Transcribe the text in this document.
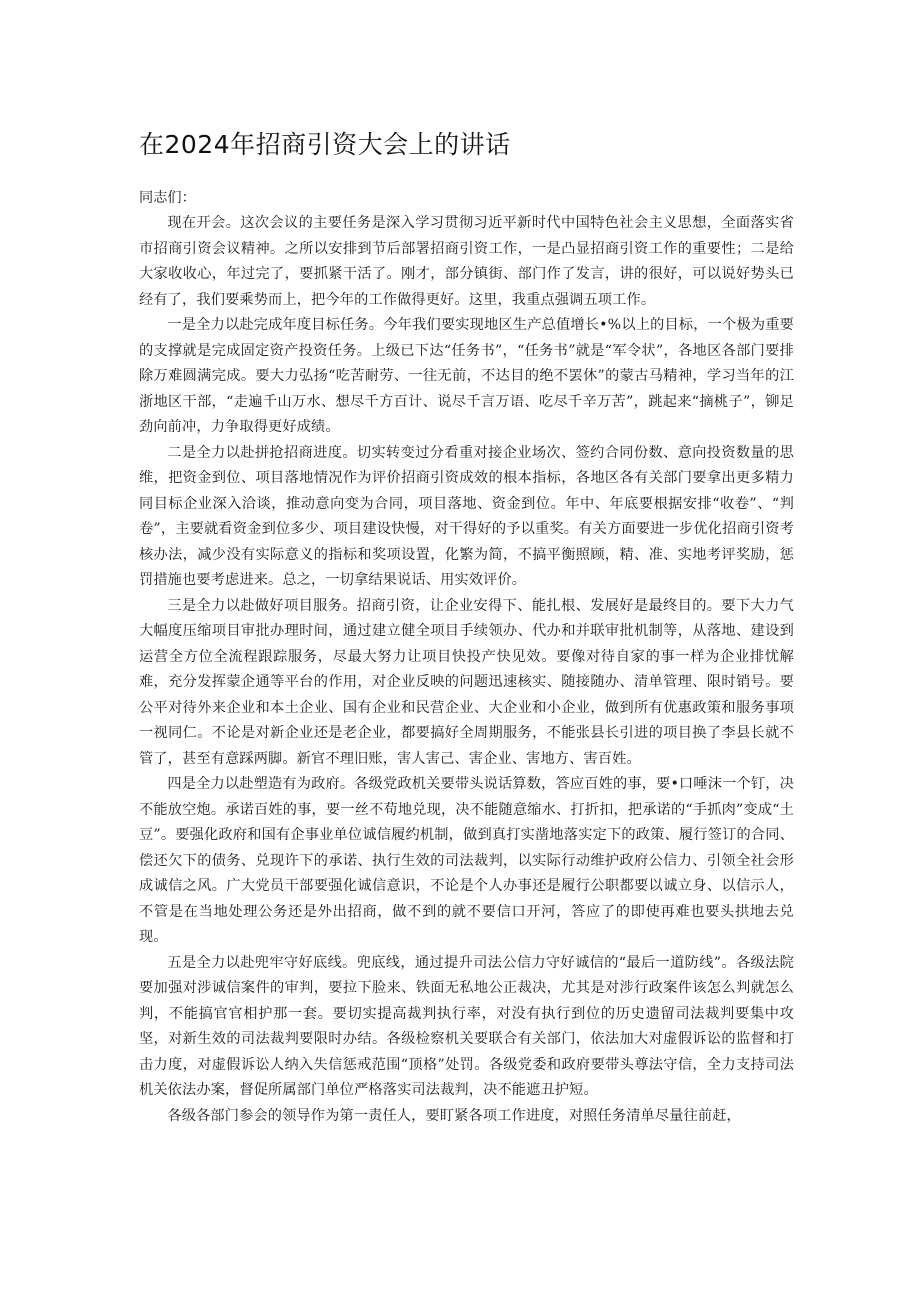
在2024年招商引资大会上的讲话

同志们：

现在开会。这次会议的主要任务是深入学习贯彻习近平新时代中国特色社会主义思想，全面落实省市招商引资会议精神。之所以安排到节后部署招商引资工作，一是凸显招商引资工作的重要性；二是给大家收收心，年过完了，要抓紧干活了。刚才，部分镇街、部门作了发言，讲的很好，可以说好势头已经有了，我们要乘势而上，把今年的工作做得更好。这里，我重点强调五项工作。

一是全力以赴完成年度目标任务。今年我们要实现地区生产总值增长•%以上的目标，一个极为重要的支撑就是完成固定资产投资任务。上级已下达“任务书”，“任务书”就是“军令状”，各地区各部门要排除万难圆满完成。要大力弘扬“吃苦耐劳、一往无前，不达目的绝不罢休”的蒙古马精神，学习当年的江浙地区干部，“走遍千山万水、想尽千方百计、说尽千言万语、吃尽千辛万苦”，跳起来“摘桃子”，铆足劲向前冲，力争取得更好成绩。

二是全力以赴拼抢招商进度。切实转变过分看重对接企业场次、签约合同份数、意向投资数量的思维，把资金到位、项目落地情况作为评价招商引资成效的根本指标，各地区各有关部门要拿出更多精力同目标企业深入洽谈，推动意向变为合同，项目落地、资金到位。年中、年底要根据安排“收卷”、“判卷”，主要就看资金到位多少、项目建设快慢，对干得好的予以重奖。有关方面要进一步优化招商引资考核办法，减少没有实际意义的指标和奖项设置，化繁为简，不搞平衡照顾，精、准、实地考评奖励，惩罚措施也要考虑进来。总之，一切拿结果说话、用实效评价。

三是全力以赴做好项目服务。招商引资，让企业安得下、能扎根、发展好是最终目的。要下大力气大幅度压缩项目审批办理时间，通过建立健全项目手续领办、代办和并联审批机制等，从落地、建设到运营全方位全流程跟踪服务，尽最大努力让项目快投产快见效。要像对待自家的事一样为企业排忧解难，充分发挥蒙企通等平台的作用，对企业反映的问题迅速核实、随接随办、清单管理、限时销号。要公平对待外来企业和本土企业、国有企业和民营企业、大企业和小企业，做到所有优惠政策和服务事项一视同仁。不论是对新企业还是老企业，都要搞好全周期服务，不能张县长引进的项目换了李县长就不管了，甚至有意踩两脚。新官不理旧账，害人害己、害企业、害地方、害百姓。

四是全力以赴塑造有为政府。各级党政机关要带头说话算数，答应百姓的事，要•口唾沫一个钉，决不能放空炮。承诺百姓的事，要一丝不苟地兑现，决不能随意缩水、打折扣，把承诺的“手抓肉”变成“土豆”。要强化政府和国有企事业单位诚信履约机制，做到真打实凿地落实定下的政策、履行签订的合同、偿还欠下的债务、兑现许下的承诺、执行生效的司法裁判，以实际行动维护政府公信力、引领全社会形成诚信之风。广大党员干部要强化诚信意识，不论是个人办事还是履行公职都要以诚立身、以信示人，不管是在当地处理公务还是外出招商，做不到的就不要信口开河，答应了的即使再难也要头拱地去兑现。

五是全力以赴兜牢守好底线。兜底线，通过提升司法公信力守好诚信的“最后一道防线”。各级法院要加强对涉诚信案件的审判，要拉下脸来、铁面无私地公正裁决，尤其是对涉行政案件该怎么判就怎么判，不能搞官官相护那一套。要切实提高裁判执行率，对没有执行到位的历史遗留司法裁判要集中攻坚，对新生效的司法裁判要限时办结。各级检察机关要联合有关部门，依法加大对虚假诉讼的监督和打击力度，对虚假诉讼人纳入失信惩戒范围“顶格”处罚。各级党委和政府要带头尊法守信，全力支持司法机关依法办案，督促所属部门单位严格落实司法裁判，决不能遮丑护短。

各级各部门参会的领导作为第一责任人，要盯紧各项工作进度，对照任务清单尽量往前赶，
